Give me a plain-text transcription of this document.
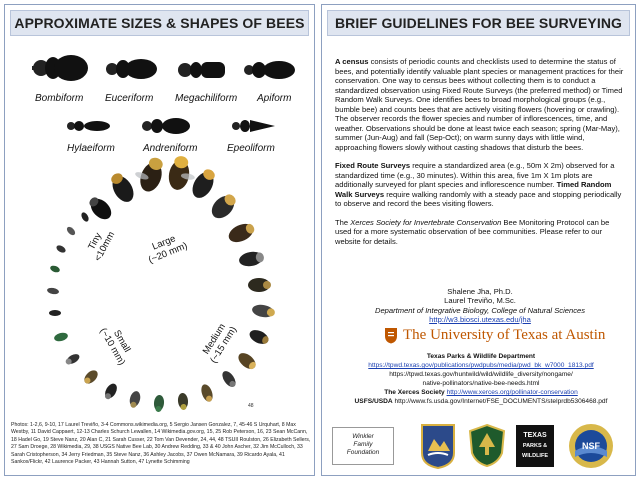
APPROXIMATE SIZES & SHAPES OF BEES
Bombiform Euceriform Megachiliform Apiform
Hylaeiform	Andreniform	Epeoliform
Tiny
<10mm	Large
(~20 mm)
Small
(~10 mm)	Medium
(~15 mm)
48
Photos: 1-2,6, 9-10, 17 Laurel Treviño, 3-4 Commons.wikimedia.org, 5 Sergio Jansen Gonzalez, 7, 45-46 S Urquhart, 8 Max Westby, 11 David Cappaert, 12-13 Charles Schurch Lewallen, 14 Wikimedia.gov.org, 15, 25 Rob Peterson, 16, 23 Sean McCann, 18 Hadel Go, 19 Steve Nanz, 20 Alan C, 21 Sarah Cusser, 22 Tom Van Devender, 24, 44, 48 TSUII Roulston, 26 Elizabeth Sellers, 27 Sam Droege, 28 Wikimedia, 29, 38 USGS Native Bee Lab, 30 Andrew Redding, 33 & 40 John Ascher, 32 Jim McCulloch, 33 Sarah Cristopherson, 34 Jerry Friedman, 35 Steve Nanz, 36 Ashley Jacobs, 37 Owen McNamara, 39 Ricardo Ayala, 41 Sankox/Flickr, 42 Laurence Packer, 43 Hannah Sutton, 47 Lynette Schimming
BRIEF GUIDELINES FOR BEE SURVEYING

A census consists of periodic counts and checklists used to determine the status of bees, and potentially identify valuable plant species or management practices for their conservation. One way to census bees without collecting them is to conduct a standardized observation using Fixed Route Surveys (the preferred method) or Timed Random Walk Surveys. One identifies bees to broad morphological groups (e.g., bumble bee) and counts bees that are actively visiting flowers (hovering or crawling). The observer records the flower species and number of inflorescences, time, and weather. Observations should be done at least twice each season; spring (Mar-May), summer (Jun-Aug) and fall (Sep-Oct); on warm sunny days with little wind, approaching flowers slowly without casting shadows that disturb the bees.

Fixed Route Surveys require a standardized area (e.g., 50m X 2m) observed for a standardized time (e.g., 30 minutes). Within this area, five 1m X 1m plots are additionally surveyed for plant species and inflorescence number. Timed Random Walk Surveys require walking randomly with a steady pace and stopping periodically to observe and record the bees visiting flowers.

The Xerces Society for Invertebrate Conservation Bee Monitoring Protocol can be used for a more systematic observation of bee communities. Please refer to our website for details.

Shalene Jha, Ph.D.
Laurel Treviño, M.Sc.
Department of Integrative Biology, College of Natural Sciences
http://w3.biosci.utexas.edu/jha
The University of Texas at Austin
Texas Parks & Wildlife Department
https://tpwd.texas.gov/publications/pwdpubs/media/pwd_bk_w7000_1813.pdf
https://tpwd.texas.gov/huntwild/wild/wildlife_diversity/nongame/
native-pollinators/native-bee-needs.html
The Xerces Society http://www.xerces.org/pollinator-conservation
USFS/USDA http://www.fs.usda.gov/Internet/FSE_DOCUMENTS/stelprdb5306468.pdf
Winkler
Family
Foundation
TEXAS
PARKS &
WILDLIFE
NSF
